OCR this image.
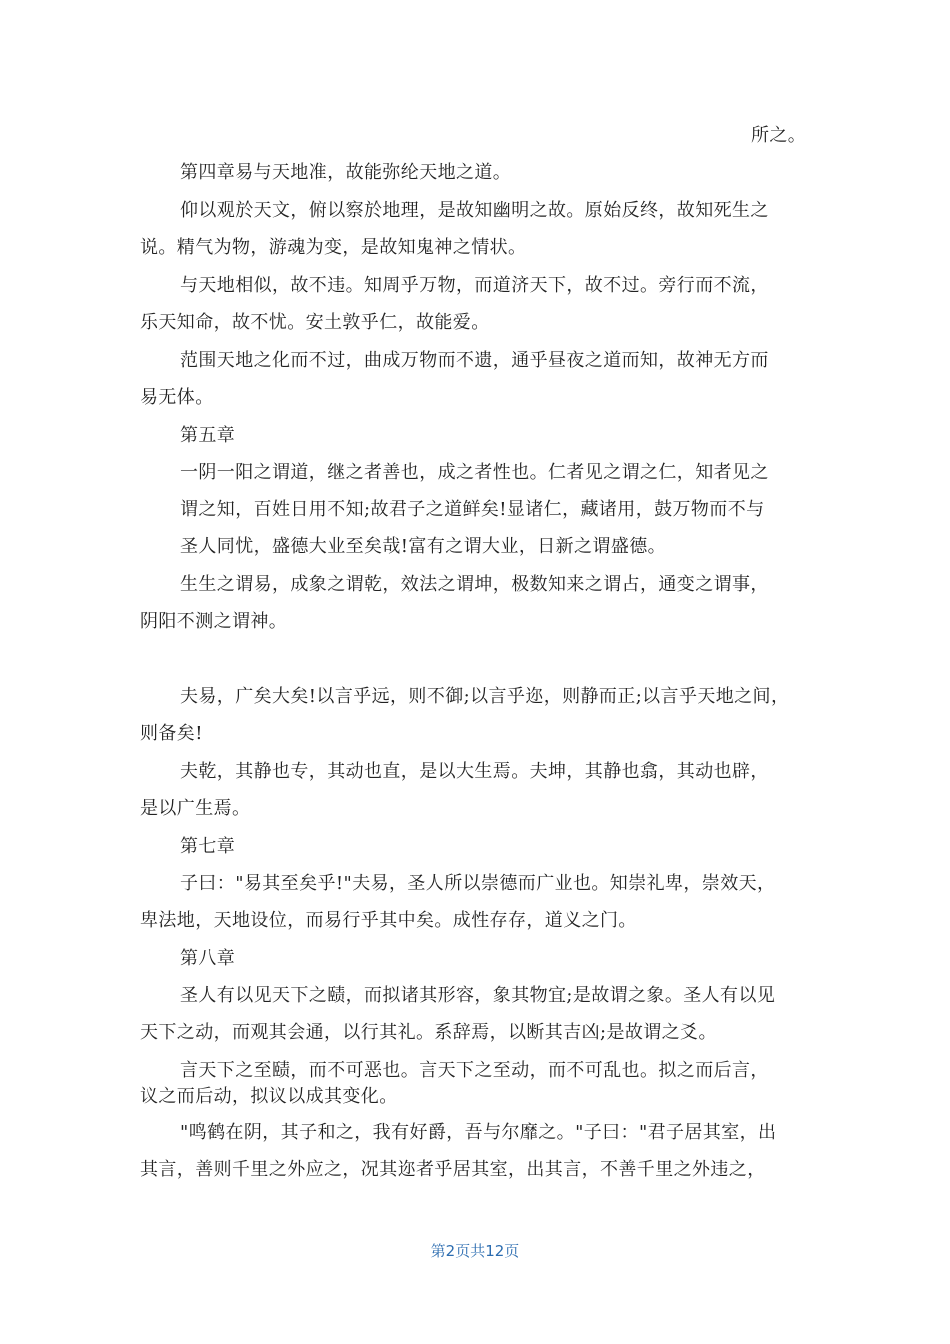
所之。
第四章易与天地准，故能弥纶天地之道。
仰以观於天文，俯以察於地理，是故知幽明之故。原始反终，故知死生之
说。精气为物，游魂为变，是故知鬼神之情状。
与天地相似，故不违。知周乎万物，而道济天下，故不过。旁行而不流，
乐天知命，故不忧。安土敦乎仁，故能爱。
范围天地之化而不过，曲成万物而不遗，通乎昼夜之道而知，故神无方而
易无体。
第五章
一阴一阳之谓道，继之者善也，成之者性也。仁者见之谓之仁，知者见之
谓之知，百姓日用不知;故君子之道鲜矣!显诸仁，藏诸用，鼓万物而不与
圣人同忧，盛德大业至矣哉!富有之谓大业，日新之谓盛德。
生生之谓易，成象之谓乾，效法之谓坤，极数知来之谓占，通变之谓事，
阴阳不测之谓神。
夫易，广矣大矣!以言乎远，则不御;以言乎迩，则静而正;以言乎天地之间，
则备矣!
夫乾，其静也专，其动也直，是以大生焉。夫坤，其静也翕，其动也辟，
是以广生焉。
第七章
子曰："易其至矣乎!"夫易，圣人所以崇德而广业也。知崇礼卑，崇效天，
卑法地，天地设位，而易行乎其中矣。成性存存，道义之门。
第八章
圣人有以见天下之赜，而拟诸其形容，象其物宜;是故谓之象。圣人有以见
天下之动，而观其会通，以行其礼。系辞焉，以断其吉凶;是故谓之爻。
言天下之至赜，而不可恶也。言天下之至动，而不可乱也。拟之而后言，
议之而后动，拟议以成其变化。
"鸣鹤在阴，其子和之，我有好爵，吾与尔靡之。"子曰："君子居其室，出
其言，善则千里之外应之，况其迩者乎居其室，出其言，不善千里之外违之，
第2页共12页
